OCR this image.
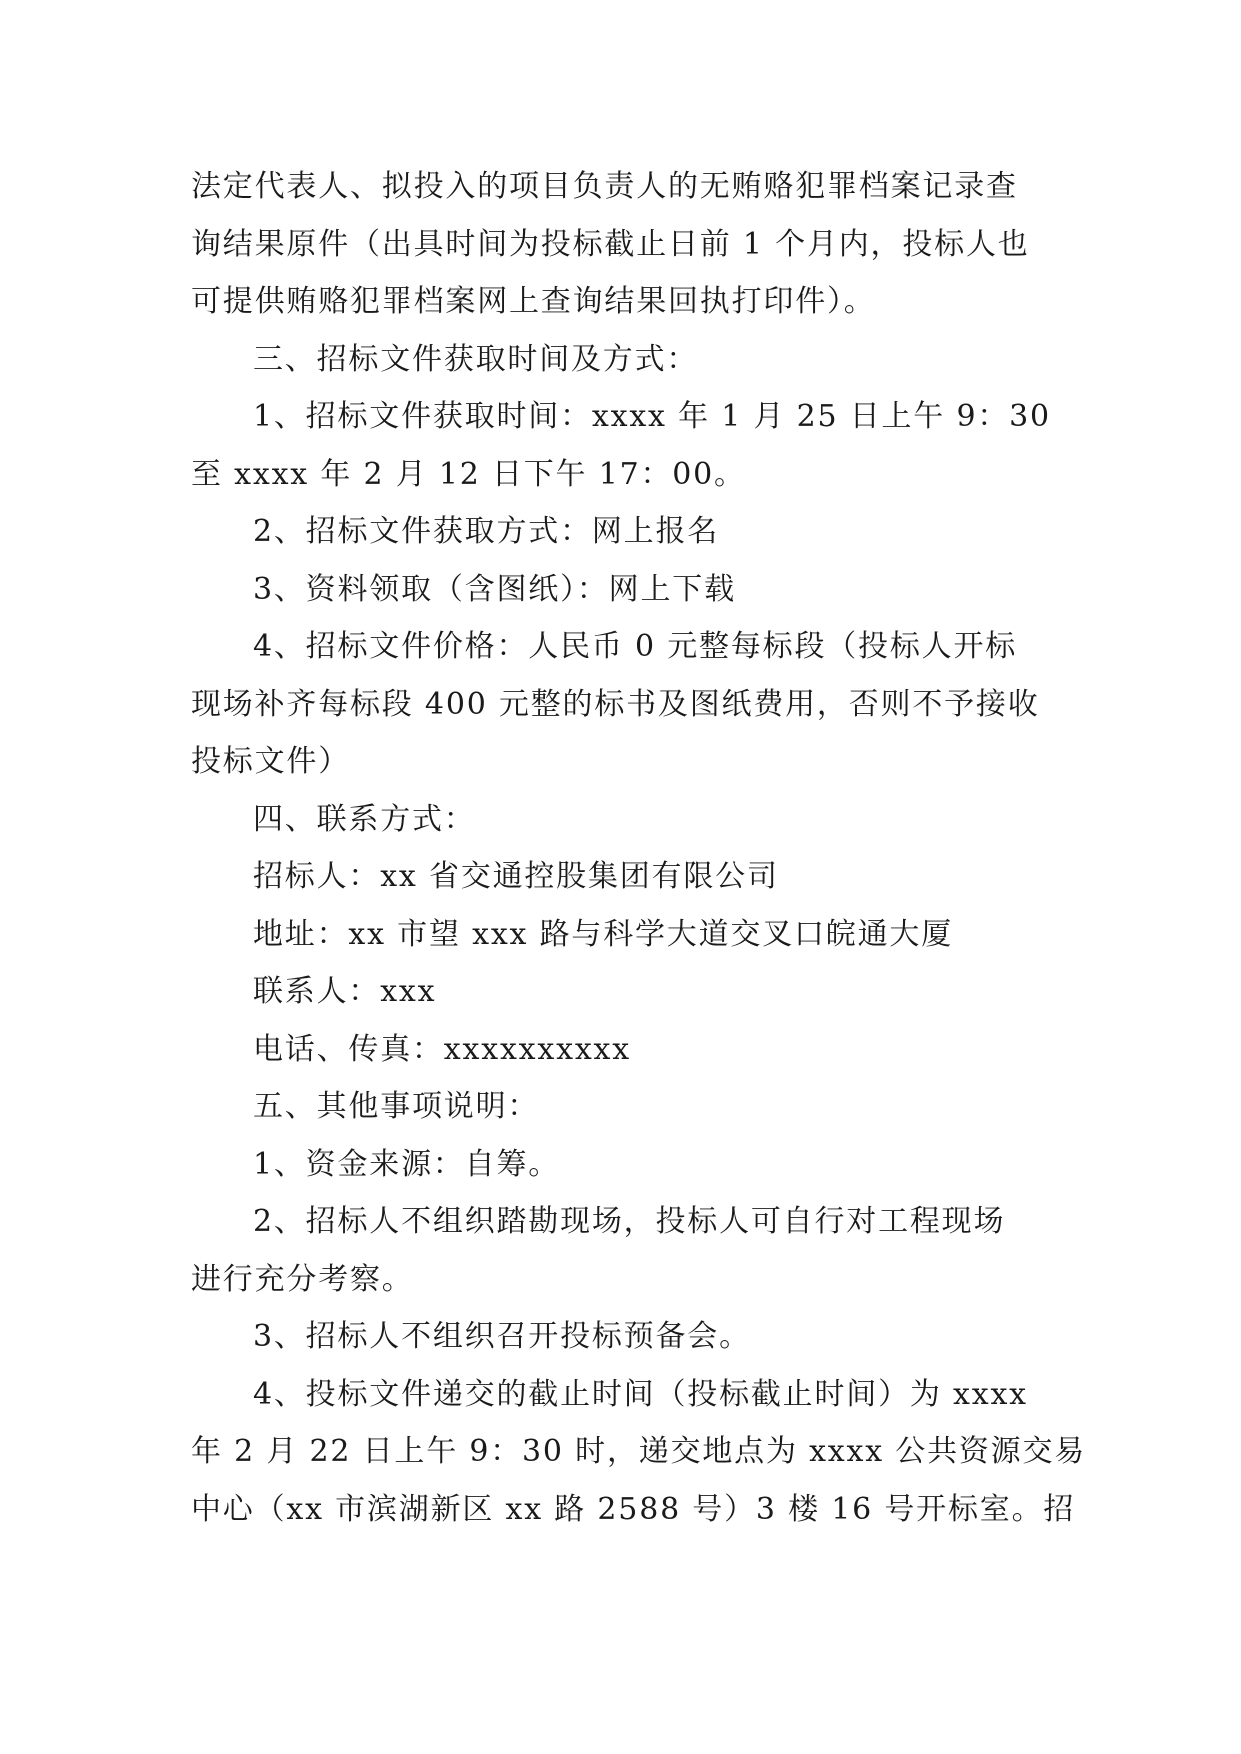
法定代表人、拟投入的项目负责人的无贿赂犯罪档案记录查
询结果原件（出具时间为投标截止日前 1 个月内，投标人也
可提供贿赂犯罪档案网上查询结果回执打印件）。

三、招标文件获取时间及方式：

1、招标文件获取时间：xxxx 年 1 月 25 日上午 9：30
至 xxxx 年 2 月 12 日下午 17：00。

2、招标文件获取方式：网上报名

3、资料领取（含图纸）：网上下载

4、招标文件价格：人民币 0 元整每标段（投标人开标
现场补齐每标段 400 元整的标书及图纸费用，否则不予接收
投标文件）

四、联系方式：

招标人：xx 省交通控股集团有限公司

地址：xx 市望 xxx 路与科学大道交叉口皖通大厦

联系人：xxx

电话、传真：xxxxxxxxxx

五、其他事项说明：

1、资金来源：自筹。

2、招标人不组织踏勘现场，投标人可自行对工程现场
进行充分考察。

3、招标人不组织召开投标预备会。

4、投标文件递交的截止时间（投标截止时间）为 xxxx
年 2 月 22 日上午 9：30 时，递交地点为 xxxx 公共资源交易
中心（xx 市滨湖新区 xx 路 2588 号）3 楼 16 号开标室。招
